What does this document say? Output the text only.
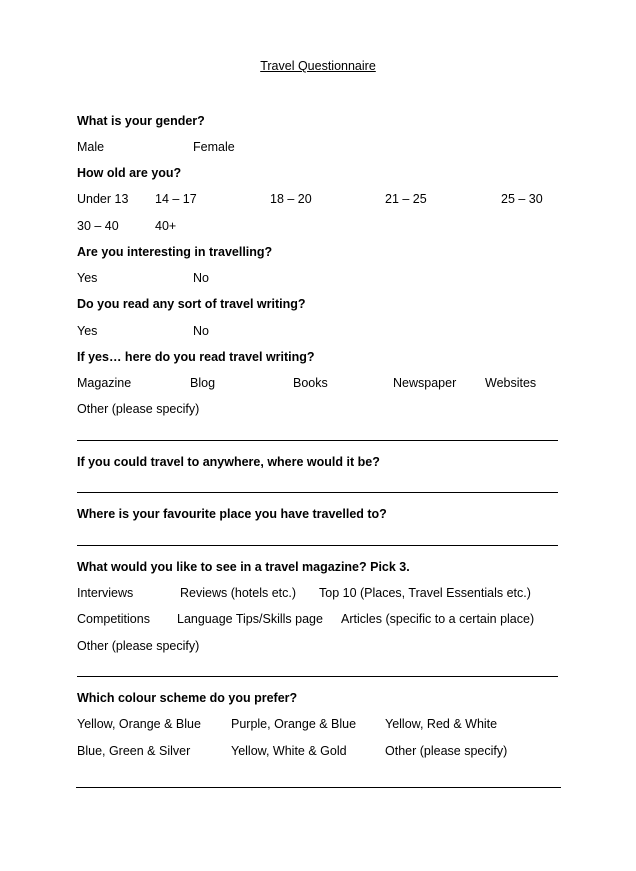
Travel Questionnaire
What is your gender?
Male	Female
How old are you?
Under 13 14 – 17	18 – 20	21 – 25	25 – 30
30 – 40	40+
Are you interesting in travelling?
Yes	No
Do you read any sort of travel writing?
Yes	No
If yes… here do you read travel writing?
Magazine	Blog	Books	Newspaper Websites
Other (please specify)
If you could travel to anywhere, where would it be?
Where is your favourite place you have travelled to?
What would you like to see in a travel magazine? Pick 3.
Interviews	Reviews (hotels etc.) Top 10 (Places, Travel Essentials etc.)
Competitions Language Tips/Skills page Articles (specific to a certain place)
Other (please specify)
Which colour scheme do you prefer?
Yellow, Orange & Blue Purple, Orange & Blue Yellow, Red & White
Blue, Green & Silver	Yellow, White & Gold	Other (please specify)
